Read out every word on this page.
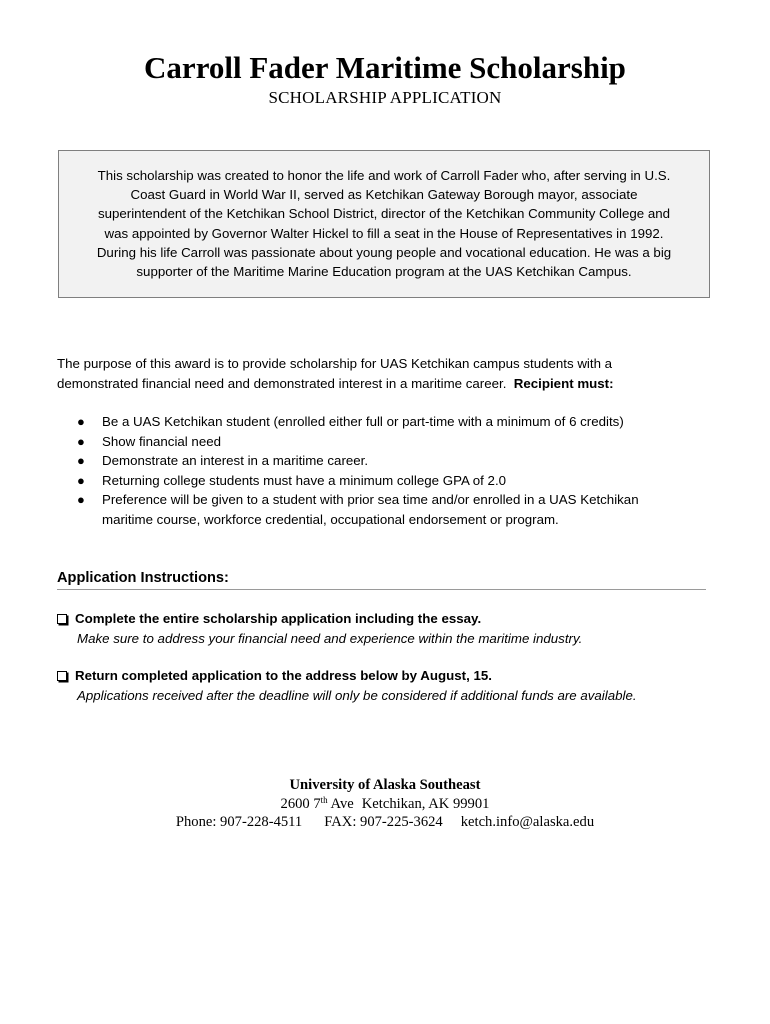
Carroll Fader Maritime Scholarship
SCHOLARSHIP APPLICATION
This scholarship was created to honor the life and work of Carroll Fader who, after serving in U.S.
Coast Guard in World War II, served as Ketchikan Gateway Borough mayor, associate
superintendent of the Ketchikan School District, director of the Ketchikan Community College and
was appointed by Governor Walter Hickel to fill a seat in the House of Representatives in 1992.
During his life Carroll was passionate about young people and vocational education. He was a big
supporter of the Maritime Marine Education program at the UAS Ketchikan Campus.
The purpose of this award is to provide scholarship for UAS Ketchikan campus students with a
demonstrated financial need and demonstrated interest in a maritime career. Recipient must:
● Be a UAS Ketchikan student (enrolled either full or part-time with a minimum of 6 credits)
● Show financial need
● Demonstrate an interest in a maritime career.
● Returning college students must have a minimum college GPA of 2.0
● Preference will be given to a student with prior sea time and/or enrolled in a UAS Ketchikan
maritime course, workforce credential, occupational endorsement or program.
Application Instructions:
Complete the entire scholarship application including the essay.
Make sure to address your financial need and experience within the maritime industry.
Return completed application to the address below by August, 15.
Applications received after the deadline will only be considered if additional funds are available.
University of Alaska Southeast
2600 7th Ave Ketchikan, AK 99901
Phone: 907-228-4511 FAX: 907-225-3624 ketch.info@alaska.edu
